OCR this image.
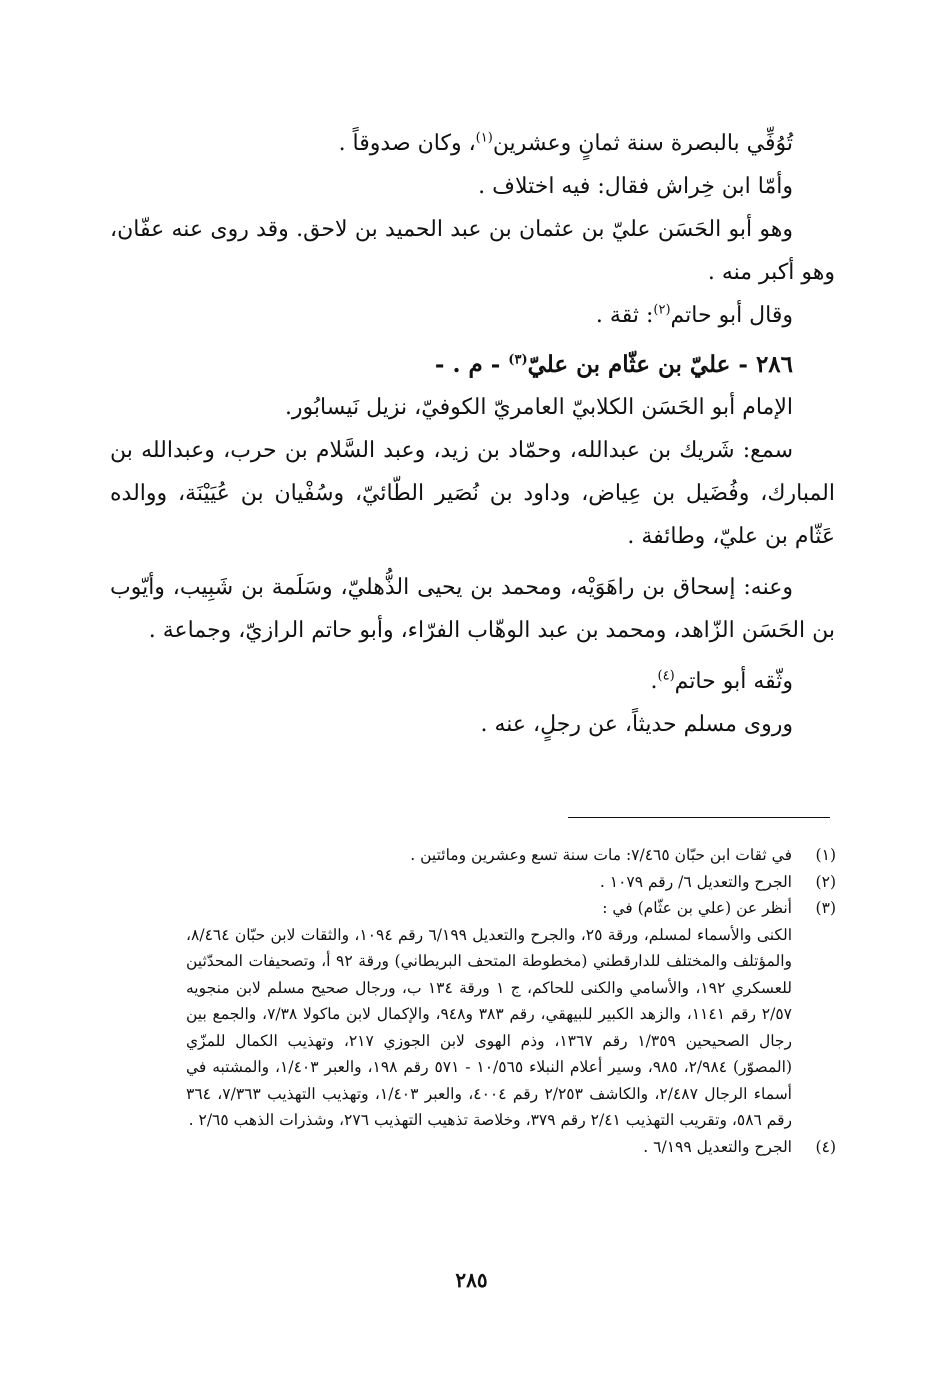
تُوُفِّي بالبصرة سنة ثمانٍ وعشرين$^{(١)}$، وكان صدوقاً .

وأمّا ابن خِراش فقال: فيه اختلاف .

وهو أبو الحَسَن عليّ بن عثمان بن عبد الحميد بن لاحق. وقد روى عنه عفّان، وهو أكبر منه .

وقال أبو حاتم$^{(٢)}$: ثقة .

٢٨٦ - عليّ بن عثّام بن عليّ$^{(٣)}$ - م . -

الإمام أبو الحَسَن الكلابيّ العامريّ الكوفيّ، نزيل نَيسابُور.

سمع: شَريك بن عبدالله، وحمّاد بن زيد، وعبد السَّلام بن حرب، وعبدالله بن المبارك، وفُضَيل بن عِياض، وداود بن نُصَير الطّائيّ، وسُفْيان بن عُيَيْنَة، ووالده عَثّام بن عليّ، وطائفة .

وعنه: إسحاق بن راهَوَيْه، ومحمد بن يحيى الذُّهليّ، وسَلَمة بن شَبِيب، وأيّوب بن الحَسَن الزّاهد، ومحمد بن عبد الوهّاب الفرّاء، وأبو حاتم الرازيّ، وجماعة .

وثّقه أبو حاتم$^{(٤)}$.

وروى مسلم حديثاً، عن رجلٍ، عنه .

(١)
في ثقات ابن حبّان ٧/٤٦٥: مات سنة تسع وعشرين ومائتين .
(٢)
الجرح والتعديل ٦/ رقم ١٠٧٩ .
(٣)
أنظر عن (علي بن عثّام) في :
الكنى والأسماء لمسلم، ورقة ٢٥، والجرح والتعديل ٦/١٩٩ رقم ١٠٩٤، والثقات لابن حبّان ٨/٤٦٤، والمؤتلف والمختلف للدارقطني (مخطوطة المتحف البريطاني) ورقة ٩٢ أ، وتصحيفات المحدّثين للعسكري ١٩٢، والأسامي والكنى للحاكم، ج ١ ورقة ١٣٤ ب، ورجال صحيح مسلم لابن منجويه ٢/٥٧ رقم ١١٤١، والزهد الكبير للبيهقي، رقم ٣٨٣ و٩٤٨، والإكمال لابن ماكولا ٧/٣٨، والجمع بين رجال الصحيحين ١/٣٥٩ رقم ١٣٦٧، وذم الهوى لابن الجوزي ٢١٧، وتهذيب الكمال للمزّي (المصوّر) ٢/٩٨٤، ٩٨٥، وسير أعلام النبلاء ١٠/٥٦٥ - ٥٧١ رقم ١٩٨، والعبر ١/٤٠٣، والمشتبه في أسماء الرجال ٢/٤٨٧، والكاشف ٢/٢٥٣ رقم ٤٠٠٤، والعبر ١/٤٠٣، وتهذيب التهذيب ٧/٣٦٣، ٣٦٤ رقم ٥٨٦، وتقريب التهذيب ٢/٤١ رقم ٣٧٩، وخلاصة تذهيب التهذيب ٢٧٦، وشذرات الذهب ٢/٦٥ .
(٤)
الجرح والتعديل ٦/١٩٩ .
٢٨٥
